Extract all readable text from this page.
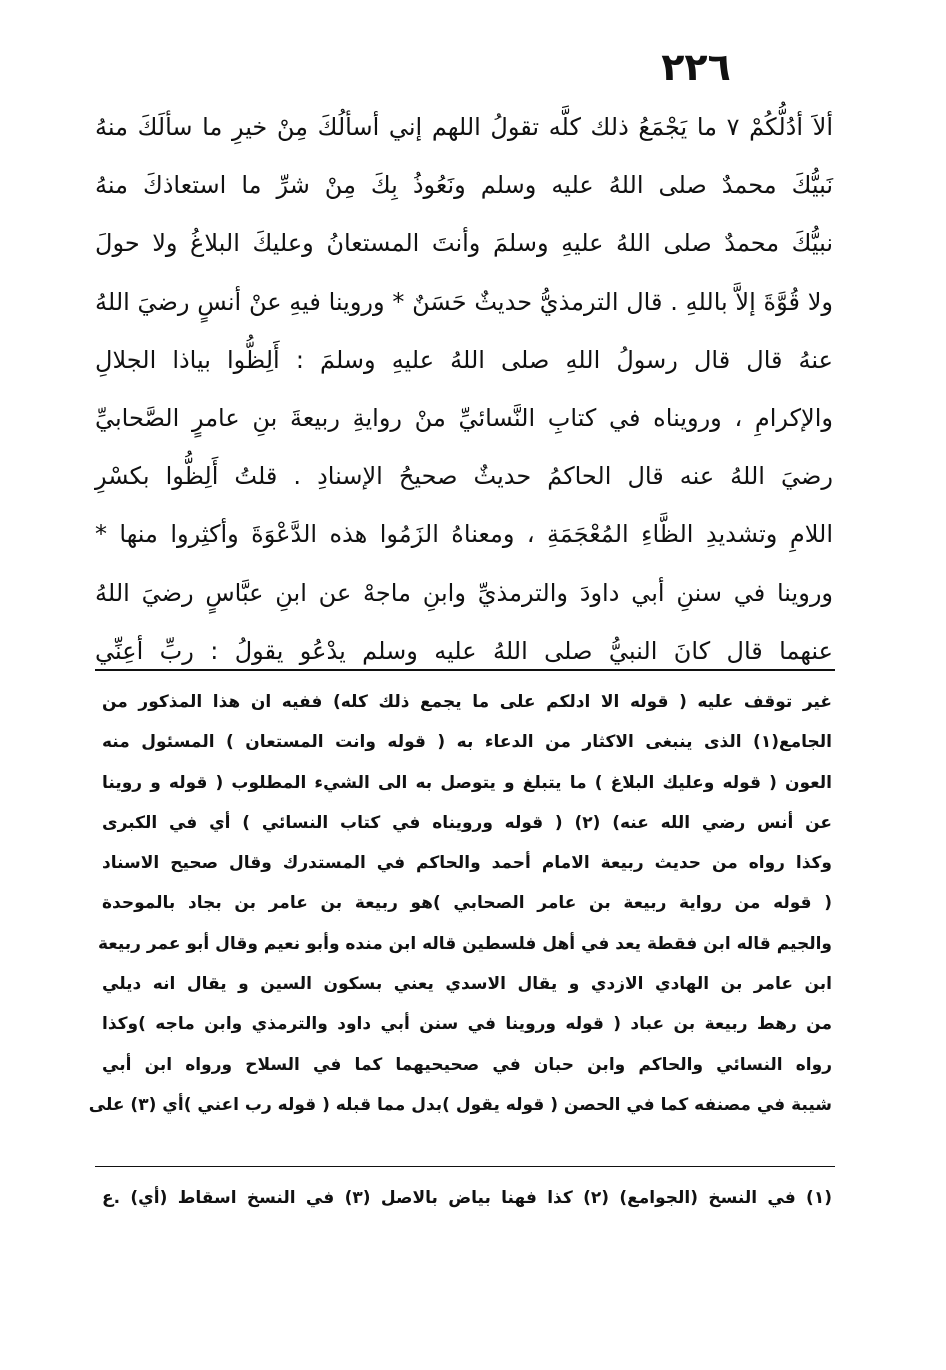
٢٢٦
ألاَ أدُلُّكُمْ ٧ ما يَجْمَعُ ذلك كلَّه تقولُ اللهم إني أسألُكَ مِنْ خيرِ ما سألَكَ منهُ
نَبيُّكَ محمدٌ صلى اللهُ عليه وسلم ونَعُوذُ بِكَ مِنْ شرِّ ما استعاذكَ منهُ
نبيُّكَ محمدٌ صلى اللهُ عليهِ وسلمَ وأنتَ المستعانُ وعليكَ البلاغُ ولا حولَ
ولا قُوَّةَ إلاَّ باللهِ . قال الترمذيُّ حديثٌ حَسَنٌ * وروينا فيهِ عنْ أنسٍ رضيَ اللهُ
عنهُ قال قال رسولُ اللهِ صلى اللهُ عليهِ وسلمَ : أَلِظُّوا بياذا الجلالِ
والإكرامِ ، ورويناه في كتابِ النَّسائيِّ منْ روايةِ ربيعةَ بنِ عامرٍ الصَّحابيِّ
رضيَ اللهُ عنه قال الحاكمُ حديثٌ صحيحُ الإسنادِ . قلتُ أَلِظُّوا بكسْرِ
اللامِ وتشديدِ الظَّاءِ المُعْجَمَةِ ، ومعناهُ الزَمُوا هذه الدَّعْوَةَ وأكثِروا منها *
وروينا في سننِ أبي داودَ والترمذيِّ وابنِ ماجهْ عن ابنِ عبَّاسٍ رضيَ اللهُ
عنهما قال كانَ النبيُّ صلى اللهُ عليه وسلم يدْعُو يقولُ : ربِّ أعِنِّي
غير توقف عليه ( قوله الا ادلكم على ما يجمع ذلك كله) ففيه ان هذا المذكور من
الجامع(١) الذى ينبغى الاكثار من الدعاء به ( قوله وانت المستعان ) المسئول منه
العون ( قوله وعليك البلاغ ) ما يتبلغ و يتوصل به الى الشيء المطلوب ( قوله و روينا
عن أنس رضي الله عنه) (٢) ( قوله ورويناه في كتاب النسائي ) أي في الكبرى
وكذا رواه من حديث ربيعة الامام أحمد والحاكم في المستدرك وقال صحيح الاسناد
( قوله من رواية ربيعة بن عامر الصحابي )هو ربيعة بن عامر بن بجاد بالموحدة
والجيم قاله ابن فقطة يعد في أهل فلسطين قاله ابن منده وأبو نعيم وقال أبو عمر ربيعة
ابن عامر بن الهادي الازدي و يقال الاسدي يعني بسكون السين و يقال انه ديلي
من رهط ربيعة بن عباد ( قوله وروينا في سنن أبي داود والترمذي وابن ماجه )وكذا
رواه النسائي والحاكم وابن حبان في صحيحيهما كما في السلاح ورواه ابن أبي
شيبة في مصنفه كما في الحصن ( قوله يقول )بدل مما قبله ( قوله رب اعني )أي (٣) على
(١) في النسخ (الجوامع) (٢) كذا فهنا بياض بالاصل (٣) في النسخ اسقاط (أي) .ع
